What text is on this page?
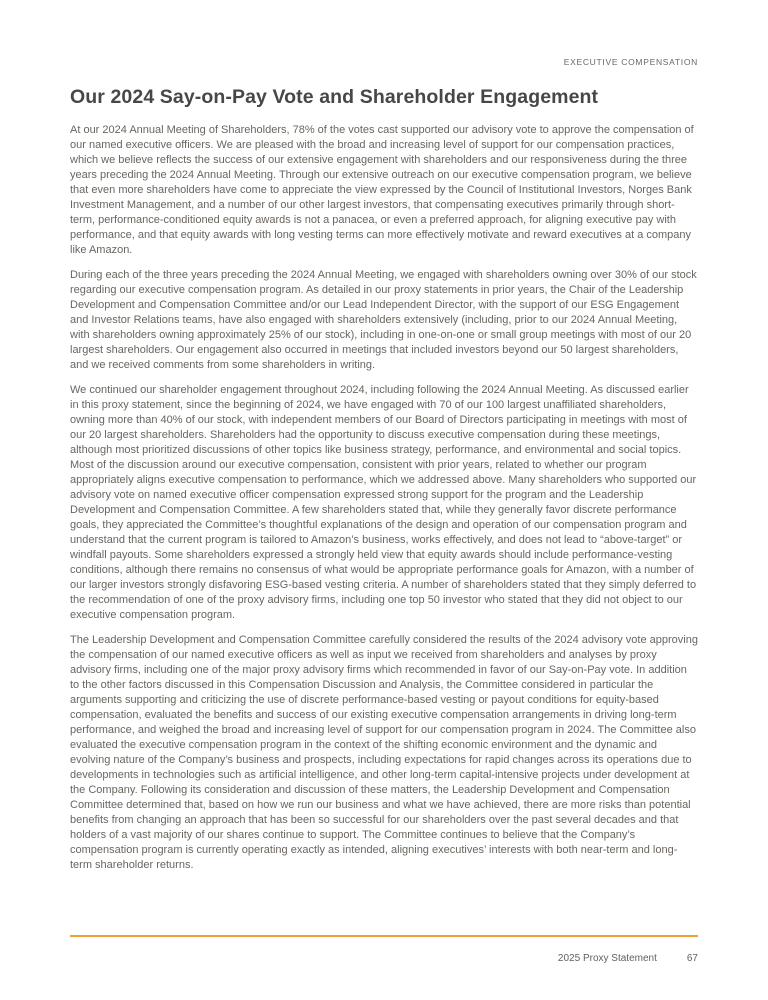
EXECUTIVE COMPENSATION
Our 2024 Say-on-Pay Vote and Shareholder Engagement

At our 2024 Annual Meeting of Shareholders, 78% of the votes cast supported our advisory vote to approve the compensation of our named executive officers. We are pleased with the broad and increasing level of support for our compensation practices, which we believe reflects the success of our extensive engagement with shareholders and our responsiveness during the three years preceding the 2024 Annual Meeting. Through our extensive outreach on our executive compensation program, we believe that even more shareholders have come to appreciate the view expressed by the Council of Institutional Investors, Norges Bank Investment Management, and a number of our other largest investors, that compensating executives primarily through short-term, performance-conditioned equity awards is not a panacea, or even a preferred approach, for aligning executive pay with performance, and that equity awards with long vesting terms can more effectively motivate and reward executives at a company like Amazon.

During each of the three years preceding the 2024 Annual Meeting, we engaged with shareholders owning over 30% of our stock regarding our executive compensation program. As detailed in our proxy statements in prior years, the Chair of the Leadership Development and Compensation Committee and/or our Lead Independent Director, with the support of our ESG Engagement and Investor Relations teams, have also engaged with shareholders extensively (including, prior to our 2024 Annual Meeting, with shareholders owning approximately 25% of our stock), including in one-on-one or small group meetings with most of our 20 largest shareholders. Our engagement also occurred in meetings that included investors beyond our 50 largest shareholders, and we received comments from some shareholders in writing.

We continued our shareholder engagement throughout 2024, including following the 2024 Annual Meeting. As discussed earlier in this proxy statement, since the beginning of 2024, we have engaged with 70 of our 100 largest unaffiliated shareholders, owning more than 40% of our stock, with independent members of our Board of Directors participating in meetings with most of our 20 largest shareholders. Shareholders had the opportunity to discuss executive compensation during these meetings, although most prioritized discussions of other topics like business strategy, performance, and environmental and social topics. Most of the discussion around our executive compensation, consistent with prior years, related to whether our program appropriately aligns executive compensation to performance, which we addressed above. Many shareholders who supported our advisory vote on named executive officer compensation expressed strong support for the program and the Leadership Development and Compensation Committee. A few shareholders stated that, while they generally favor discrete performance goals, they appreciated the Committee’s thoughtful explanations of the design and operation of our compensation program and understand that the current program is tailored to Amazon’s business, works effectively, and does not lead to “above-target” or windfall payouts. Some shareholders expressed a strongly held view that equity awards should include performance-vesting conditions, although there remains no consensus of what would be appropriate performance goals for Amazon, with a number of our larger investors strongly disfavoring ESG-based vesting criteria. A number of shareholders stated that they simply deferred to the recommendation of one of the proxy advisory firms, including one top 50 investor who stated that they did not object to our executive compensation program.

The Leadership Development and Compensation Committee carefully considered the results of the 2024 advisory vote approving the compensation of our named executive officers as well as input we received from shareholders and analyses by proxy advisory firms, including one of the major proxy advisory firms which recommended in favor of our Say-on-Pay vote. In addition to the other factors discussed in this Compensation Discussion and Analysis, the Committee considered in particular the arguments supporting and criticizing the use of discrete performance-based vesting or payout conditions for equity-based compensation, evaluated the benefits and success of our existing executive compensation arrangements in driving long-term performance, and weighed the broad and increasing level of support for our compensation program in 2024. The Committee also evaluated the executive compensation program in the context of the shifting economic environment and the dynamic and evolving nature of the Company’s business and prospects, including expectations for rapid changes across its operations due to developments in technologies such as artificial intelligence, and other long-term capital-intensive projects under development at the Company. Following its consideration and discussion of these matters, the Leadership Development and Compensation Committee determined that, based on how we run our business and what we have achieved, there are more risks than potential benefits from changing an approach that has been so successful for our shareholders over the past several decades and that holders of a vast majority of our shares continue to support. The Committee continues to believe that the Company’s compensation program is currently operating exactly as intended, aligning executives’ interests with both near-term and long-term shareholder returns.

2025 Proxy Statement	67
